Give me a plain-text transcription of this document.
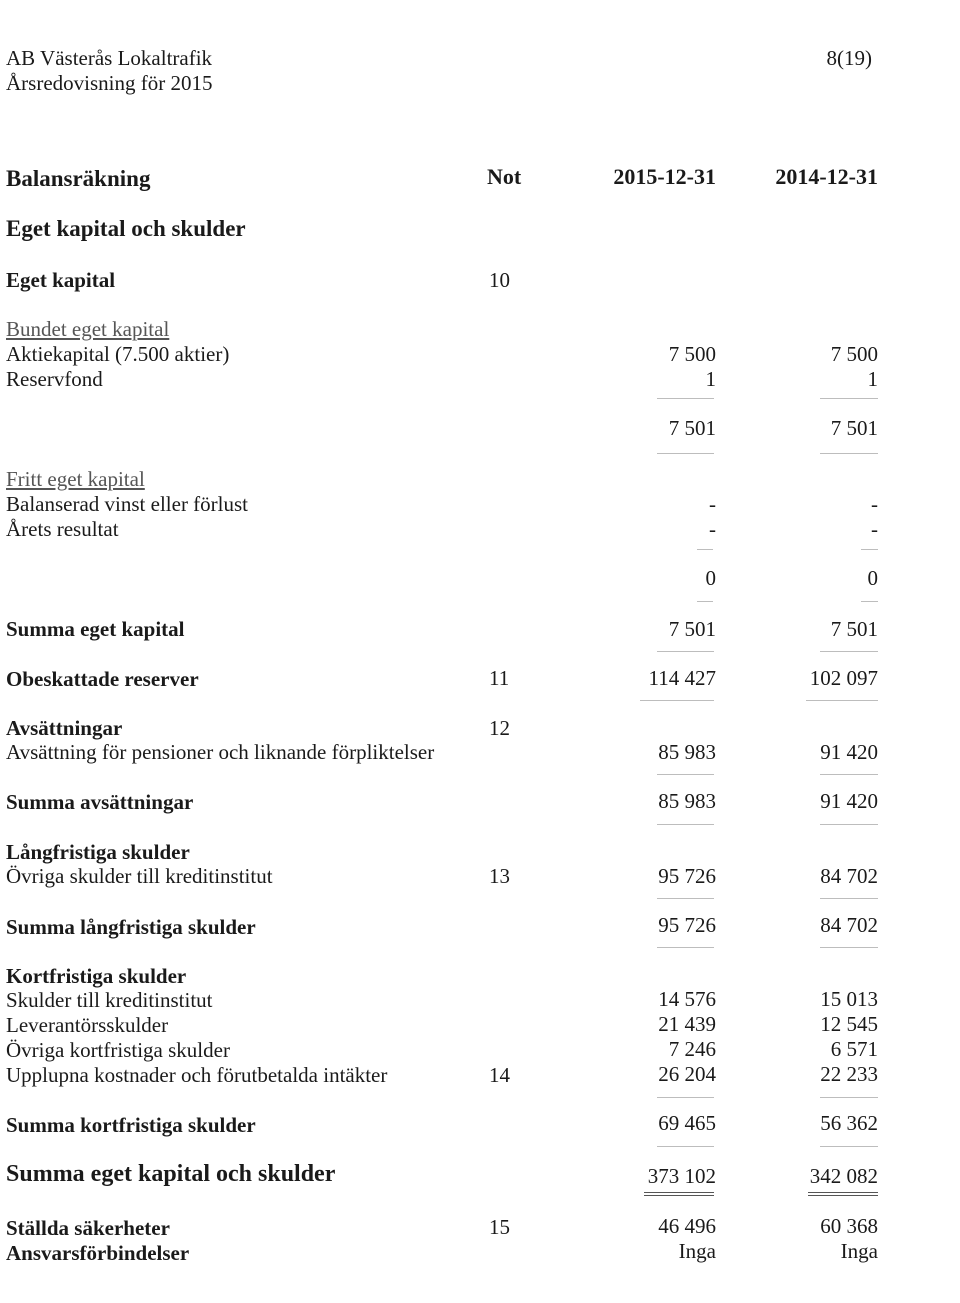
AB Västerås Lokaltrafik
Årsredovisning för 2015
8(19)
Balansräkning	Not	2015-12-31	2014-12-31
Eget kapital och skulder
Eget kapital	10
Bundet eget kapital
Aktiekapital (7.500 aktier)	7 500	7 500
Reservfond	1	1
7 501	7 501
Fritt eget kapital
Balanserad vinst eller förlust	-	-
Årets resultat	-	-
0	0
Summa eget kapital	7 501	7 501
Obeskattade reserver	11	114 427	102 097
Avsättningar	12
Avsättning för pensioner och liknande förpliktelser	85 983	91 420
Summa avsättningar	85 983	91 420
Långfristiga skulder
Övriga skulder till kreditinstitut	13	95 726	84 702
Summa långfristiga skulder	95 726	84 702
Kortfristiga skulder
Skulder till kreditinstitut	14 576	15 013
Leverantörsskulder	21 439	12 545
Övriga kortfristiga skulder	7 246	6 571
Upplupna kostnader och förutbetalda intäkter	14	26 204	22 233
Summa kortfristiga skulder	69 465	56 362
Summa eget kapital och skulder	373 102	342 082
Ställda säkerheter	15	46 496	60 368
Ansvarsförbindelser	Inga	Inga
